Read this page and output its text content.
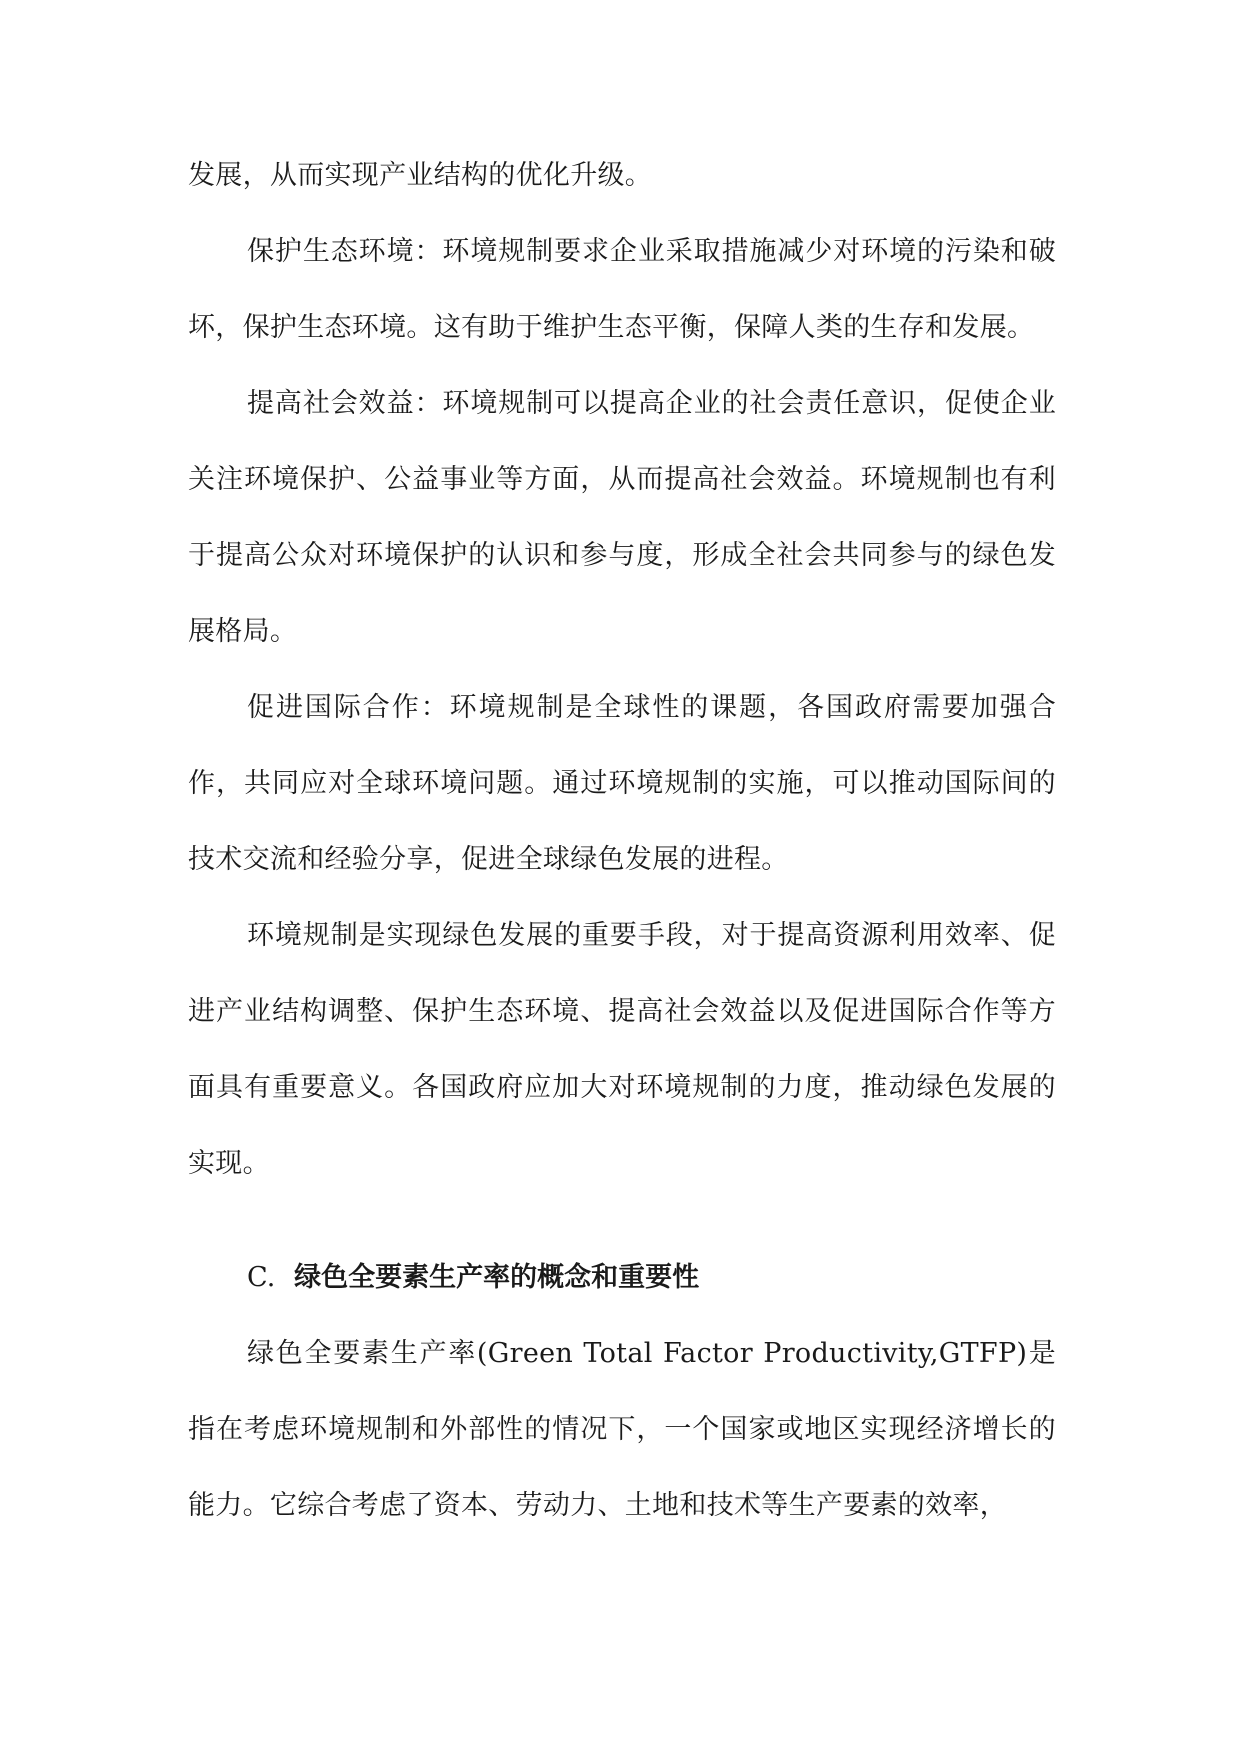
发展，从而实现产业结构的优化升级。

保护生态环境：环境规制要求企业采取措施减少对环境的污染和破坏，保护生态环境。这有助于维护生态平衡，保障人类的生存和发展。

提高社会效益：环境规制可以提高企业的社会责任意识，促使企业关注环境保护、公益事业等方面，从而提高社会效益。环境规制也有利于提高公众对环境保护的认识和参与度，形成全社会共同参与的绿色发展格局。

促进国际合作：环境规制是全球性的课题，各国政府需要加强合作，共同应对全球环境问题。通过环境规制的实施，可以推动国际间的技术交流和经验分享，促进全球绿色发展的进程。

环境规制是实现绿色发展的重要手段，对于提高资源利用效率、促进产业结构调整、保护生态环境、提高社会效益以及促进国际合作等方面具有重要意义。各国政府应加大对环境规制的力度，推动绿色发展的实现。

C. 绿色全要素生产率的概念和重要性

绿色全要素生产率(Green Total Factor Productivity,GTFP)是指在考虑环境规制和外部性的情况下，一个国家或地区实现经济增长的能力。它综合考虑了资本、劳动力、土地和技术等生产要素的效率，
